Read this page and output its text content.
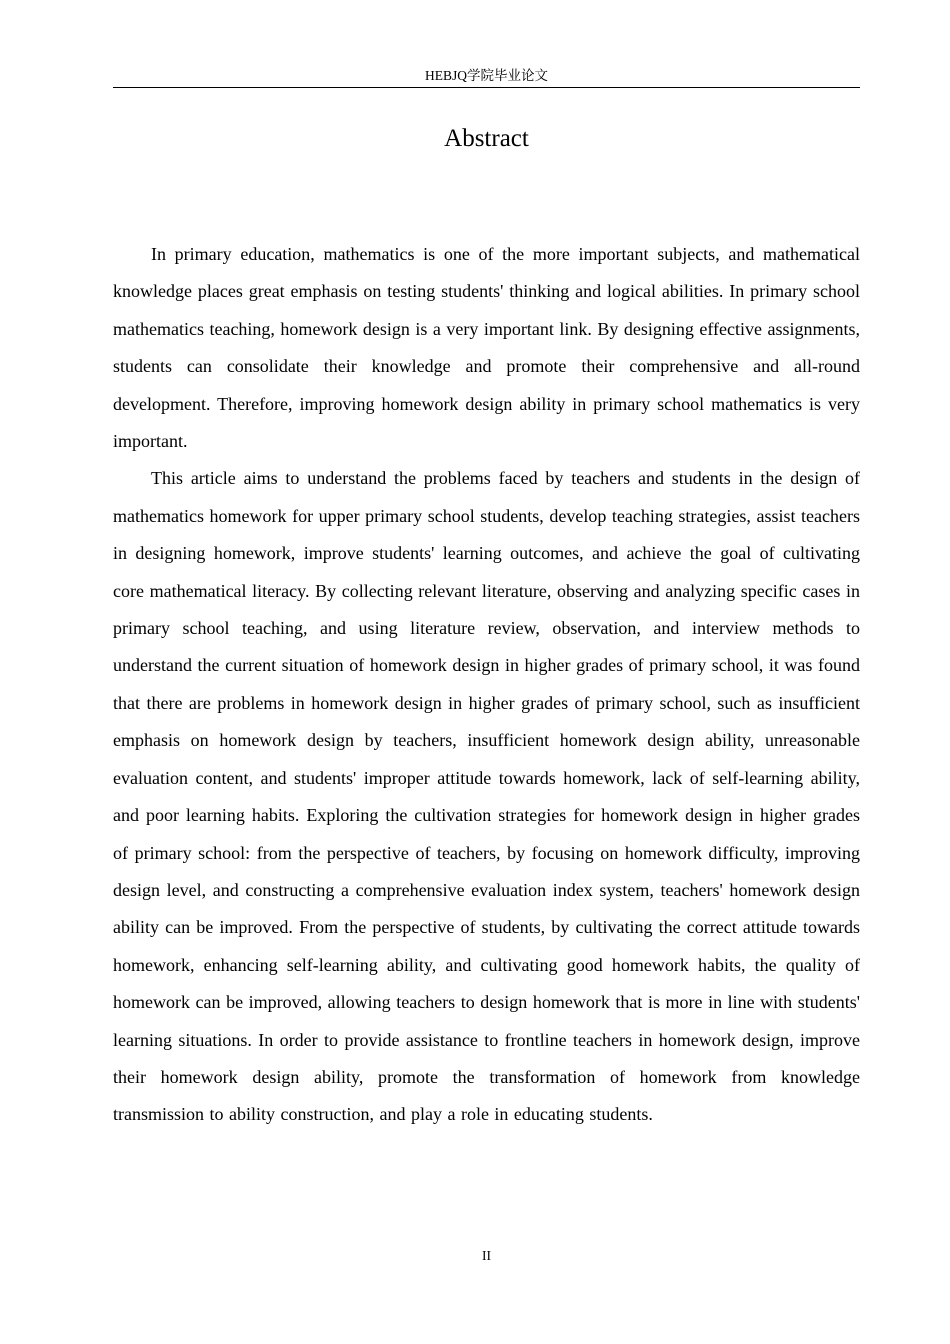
HEBJQ学院毕业论文
Abstract

In primary education, mathematics is one of the more important subjects, and mathematical knowledge places great emphasis on testing students' thinking and logical abilities. In primary school mathematics teaching, homework design is a very important link. By designing effective assignments, students can consolidate their knowledge and promote their comprehensive and all-round development. Therefore, improving homework design ability in primary school mathematics is very important.

This article aims to understand the problems faced by teachers and students in the design of mathematics homework for upper primary school students, develop teaching strategies, assist teachers in designing homework, improve students' learning outcomes, and achieve the goal of cultivating core mathematical literacy. By collecting relevant literature, observing and analyzing specific cases in primary school teaching, and using literature review, observation, and interview methods to understand the current situation of homework design in higher grades of primary school, it was found that there are problems in homework design in higher grades of primary school, such as insufficient emphasis on homework design by teachers, insufficient homework design ability, unreasonable evaluation content, and students' improper attitude towards homework, lack of self-learning ability, and poor learning habits. Exploring the cultivation strategies for homework design in higher grades of primary school: from the perspective of teachers, by focusing on homework difficulty, improving design level, and constructing a comprehensive evaluation index system, teachers' homework design ability can be improved. From the perspective of students, by cultivating the correct attitude towards homework, enhancing self-learning ability, and cultivating good homework habits, the quality of homework can be improved, allowing teachers to design homework that is more in line with students' learning situations. In order to provide assistance to frontline teachers in homework design, improve their homework design ability, promote the transformation of homework from knowledge transmission to ability construction, and play a role in educating students.

II
